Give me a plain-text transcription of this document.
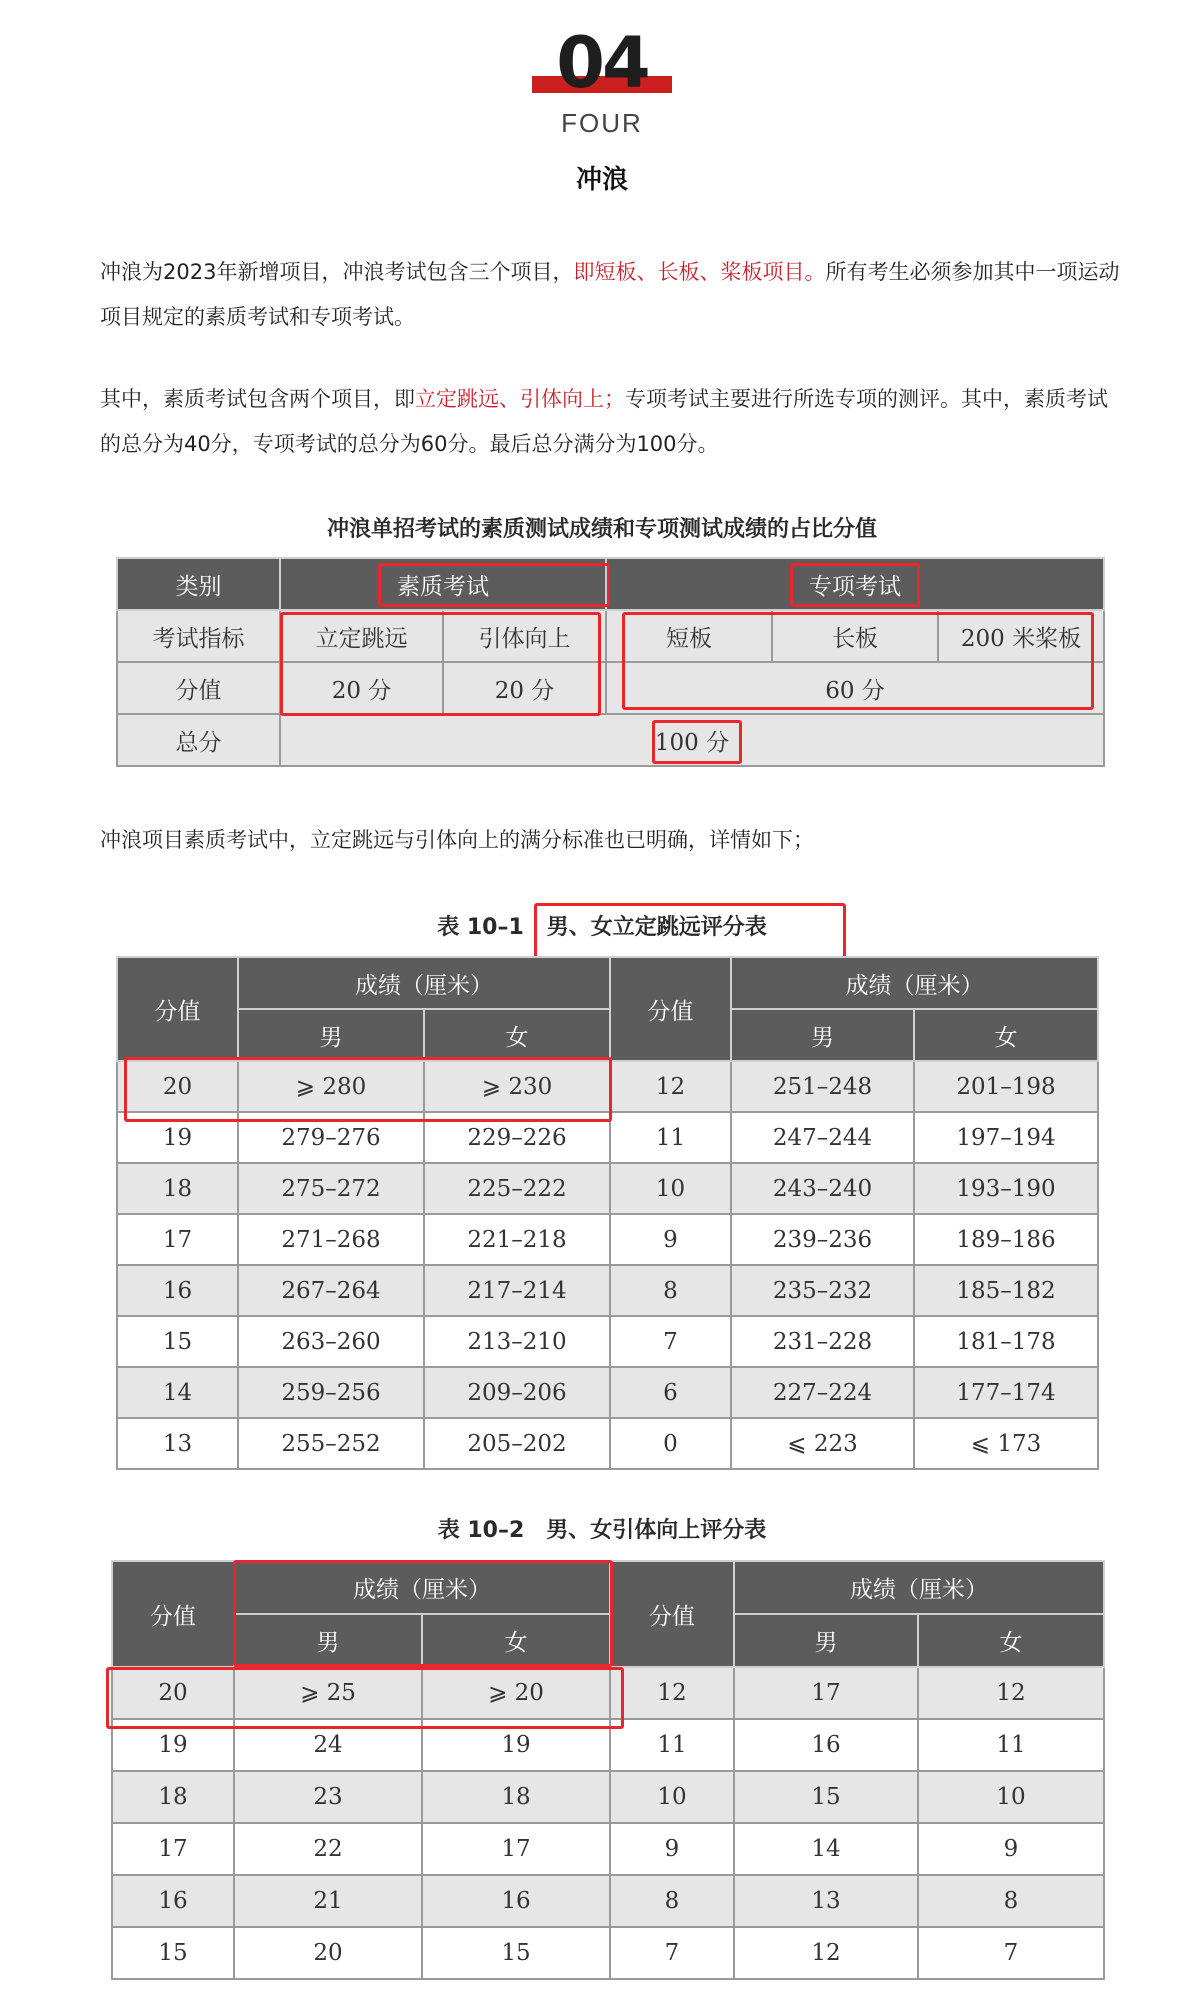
04
FOUR
冲浪
冲浪为2023年新增项目，冲浪考试包含三个项目，即短板、长板、桨板项目。所有考生必须参加其中一项运动项目规定的素质考试和专项考试。
其中，素质考试包含两个项目，即立定跳远、引体向上；专项考试主要进行所选专项的测评。其中，素质考试的总分为40分，专项考试的总分为60分。最后总分满分为100分。
冲浪单招考试的素质测试成绩和专项测试成绩的占比分值
类别	素质考试		专项考试		
考试指标	立定跳远	引体向上	短板	长板	200 米桨板
分值	20 分	20 分	60 分		
总分	100 分				
冲浪项目素质考试中，立定跳远与引体向上的满分标准也已明确，详情如下；
表 10–1 男、女立定跳远评分表
分值	成绩（厘米）		分值	成绩（厘米）	
	男	女		男	女
20	⩾ 280	⩾ 230	12	251–248	201–198
19	279–276	229–226	11	247–244	197–194
18	275–272	225–222	10	243–240	193–190
17	271–268	221–218	9	239–236	189–186
16	267–264	217–214	8	235–232	185–182
15	263–260	213–210	7	231–228	181–178
14	259–256	209–206	6	227–224	177–174
13	255–252	205–202	0	⩽ 223	⩽ 173
表 10–2　男、女引体向上评分表
分值	成绩（厘米）		分值	成绩（厘米）	
	男	女		男	女
20	⩾ 25	⩾ 20	12	17	12
19	24	19	11	16	11
18	23	18	10	15	10
17	22	17	9	14	9
16	21	16	8	13	8
15	20	15	7	12	7
